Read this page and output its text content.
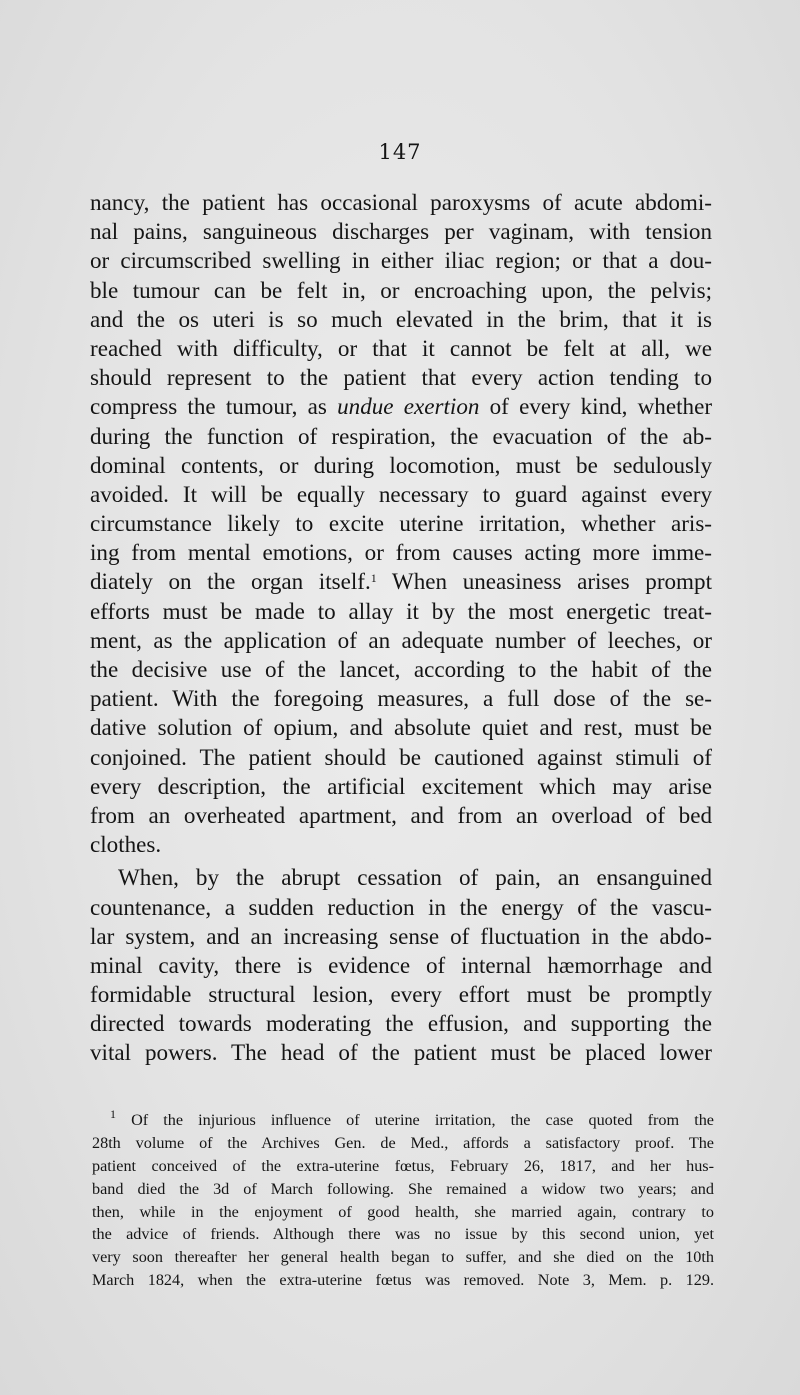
147
nancy, the patient has occasional paroxysms of acute abdomi-
nal pains, sanguineous discharges per vaginam, with tension
or circumscribed swelling in either iliac region; or that a dou-
ble tumour can be felt in, or encroaching upon, the pelvis;
and the os uteri is so much elevated in the brim, that it is
reached with difficulty, or that it cannot be felt at all, we
should represent to the patient that every action tending to
compress the tumour, as undue exertion of every kind, whether
during the function of respiration, the evacuation of the ab-
dominal contents, or during locomotion, must be sedulously
avoided. It will be equally necessary to guard against every
circumstance likely to excite uterine irritation, whether aris-
ing from mental emotions, or from causes acting more imme-
diately on the organ itself.$^1$ When uneasiness arises prompt
efforts must be made to allay it by the most energetic treat-
ment, as the application of an adequate number of leeches, or
the decisive use of the lancet, according to the habit of the
patient. With the foregoing measures, a full dose of the se-
dative solution of opium, and absolute quiet and rest, must be
conjoined. The patient should be cautioned against stimuli of
every description, the artificial excitement which may arise
from an overheated apartment, and from an overload of bed
clothes.
When, by the abrupt cessation of pain, an ensanguined
countenance, a sudden reduction in the energy of the vascu-
lar system, and an increasing sense of fluctuation in the abdo-
minal cavity, there is evidence of internal hæmorrhage and
formidable structural lesion, every effort must be promptly
directed towards moderating the effusion, and supporting the
vital powers. The head of the patient must be placed lower
$^1$ Of the injurious influence of uterine irritation, the case quoted from the
28th volume of the Archives Gen. de Med., affords a satisfactory proof. The
patient conceived of the extra-uterine fœtus, February 26, 1817, and her hus-
band died the 3d of March following. She remained a widow two years; and
then, while in the enjoyment of good health, she married again, contrary to
the advice of friends. Although there was no issue by this second union, yet
very soon thereafter her general health began to suffer, and she died on the 10th
March 1824, when the extra-uterine fœtus was removed. Note 3, Mem. p. 129.
